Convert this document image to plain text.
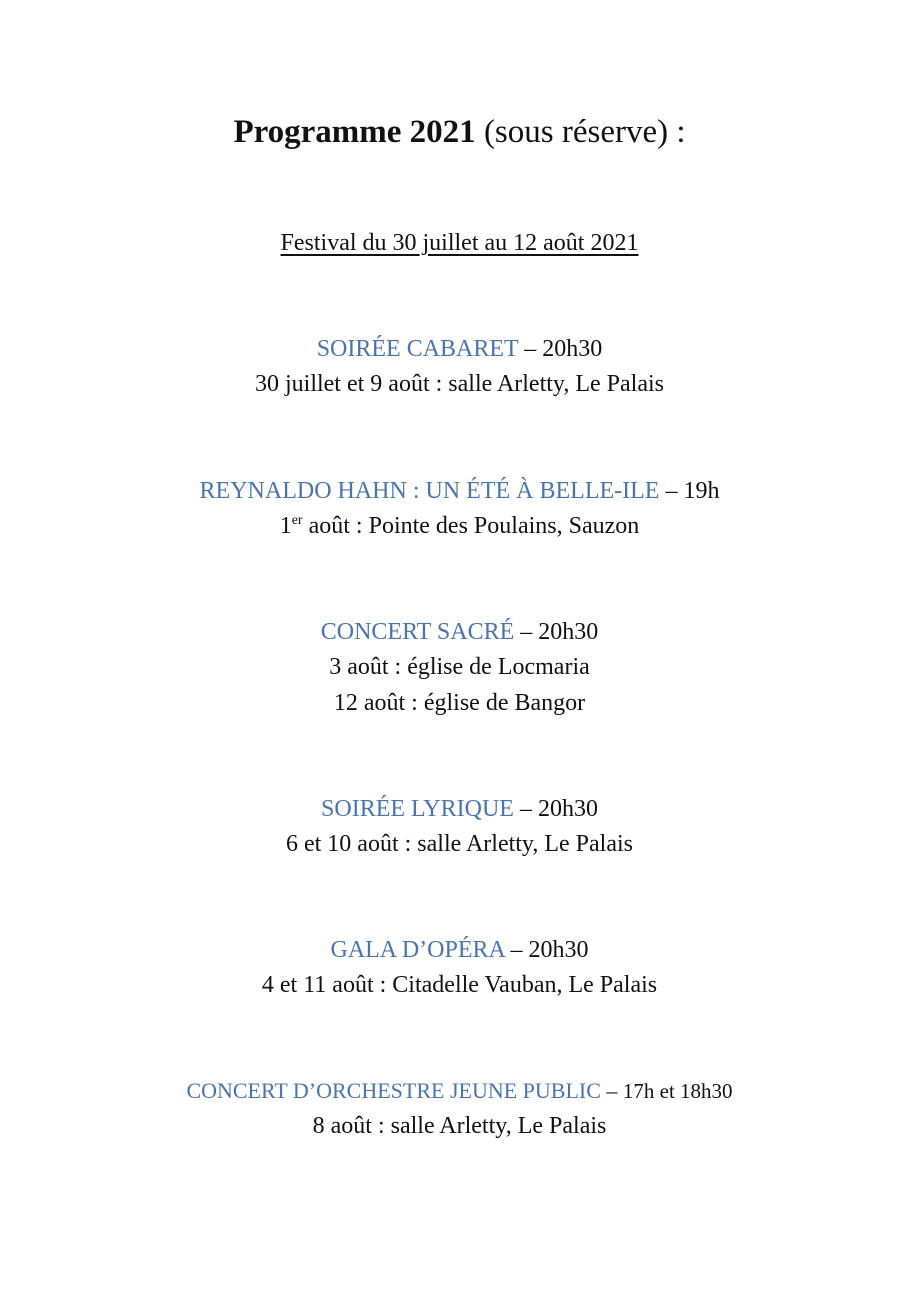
Programme 2021 (sous réserve) :

Festival du 30 juillet au 12 août 2021

SOIRÉE CABARET – 20h30

30 juillet et 9 août : salle Arletty, Le Palais

REYNALDO HAHN : UN ÉTÉ À BELLE-ILE – 19h

1er août : Pointe des Poulains, Sauzon

CONCERT SACRÉ – 20h30

3 août : église de Locmaria

12 août : église de Bangor

SOIRÉE LYRIQUE – 20h30

6 et 10 août : salle Arletty, Le Palais

GALA D’OPÉRA – 20h30

4 et 11 août : Citadelle Vauban, Le Palais

CONCERT D’ORCHESTRE JEUNE PUBLIC – 17h et 18h30

8 août : salle Arletty, Le Palais
